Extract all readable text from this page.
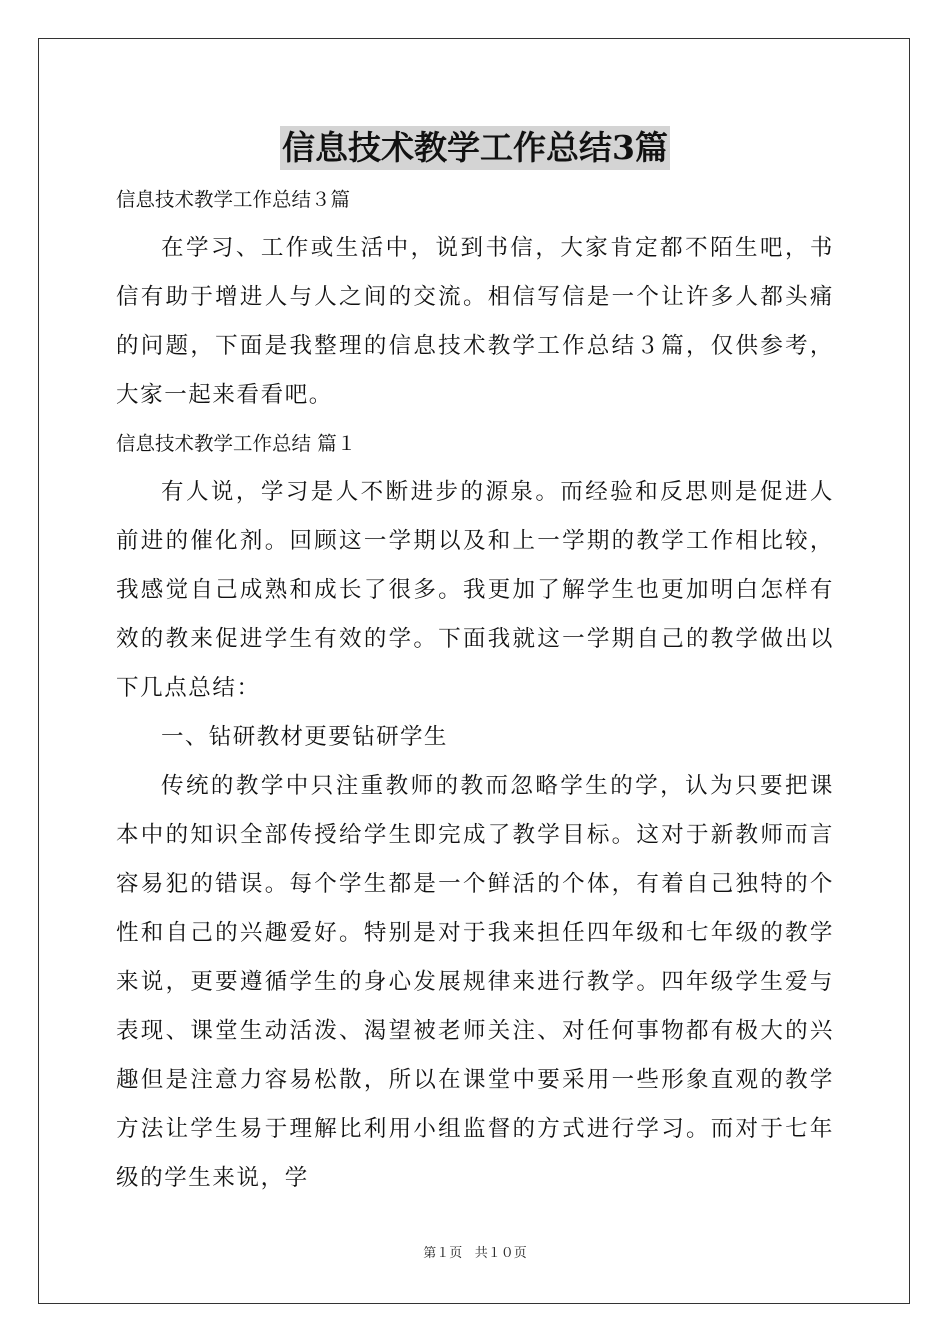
信息技术教学工作总结3篇

信息技术教学工作总结３篇

在学习、工作或生活中，说到书信，大家肯定都不陌生吧，书信有助于增进人与人之间的交流。相信写信是一个让许多人都头痛的问题，下面是我整理的信息技术教学工作总结３篇，仅供参考，大家一起来看看吧。

信息技术教学工作总结 篇１

有人说，学习是人不断进步的源泉。而经验和反思则是促进人前进的催化剂。回顾这一学期以及和上一学期的教学工作相比较，我感觉自己成熟和成长了很多。我更加了解学生也更加明白怎样有效的教来促进学生有效的学。下面我就这一学期自己的教学做出以下几点总结：

一、钻研教材更要钻研学生

传统的教学中只注重教师的教而忽略学生的学，认为只要把课本中的知识全部传授给学生即完成了教学目标。这对于新教师而言容易犯的错误。每个学生都是一个鲜活的个体，有着自己独特的个性和自己的兴趣爱好。特别是对于我来担任四年级和七年级的教学来说，更要遵循学生的身心发展规律来进行教学。四年级学生爱与表现、课堂生动活泼、渴望被老师关注、对任何事物都有极大的兴趣但是注意力容易松散，所以在课堂中要采用一些形象直观的教学方法让学生易于理解比利用小组监督的方式进行学习。而对于七年级的学生来说，学

第１页 共１０页
